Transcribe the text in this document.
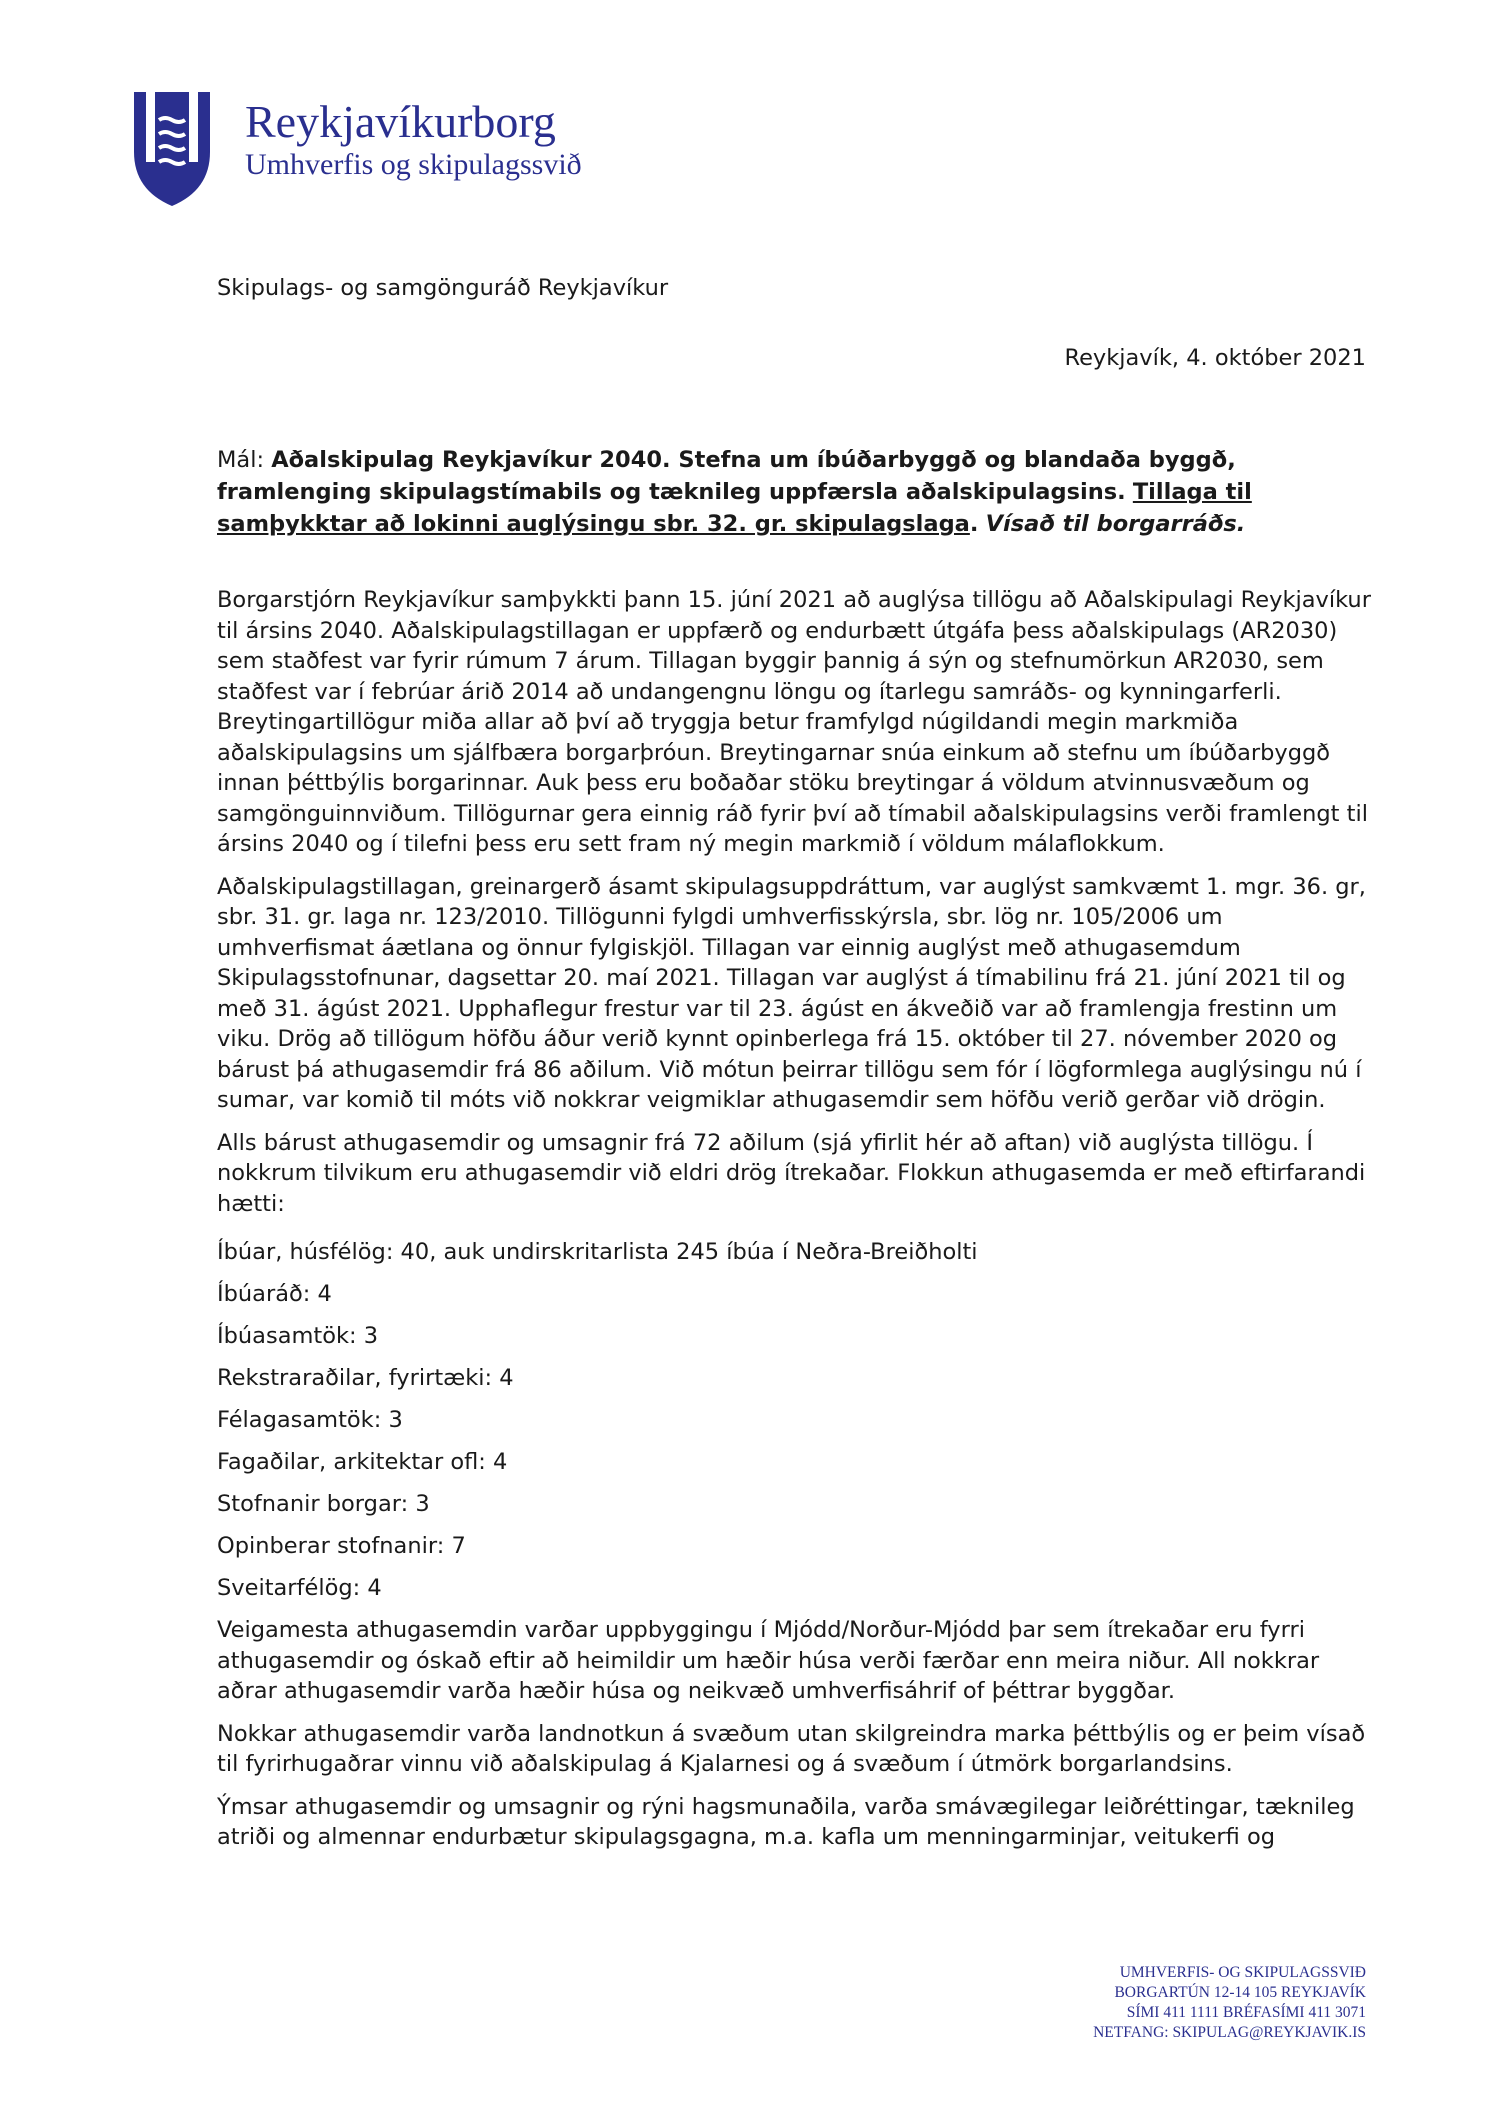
Reykjavíkurborg

Umhverfis og skipulagssvið

Skipulags- og samgönguráð Reykjavíkur
Reykjavík, 4. október 2021
Mál: Aðalskipulag Reykjavíkur 2040. Stefna um íbúðarbyggð og blandaða byggð, framlenging skipulagstímabils og tæknileg uppfærsla aðalskipulagsins. Tillaga til samþykktar að lokinni auglýsingu sbr. 32. gr. skipulagslaga. Vísað til borgarráðs.

Borgarstjórn Reykjavíkur samþykkti þann 15. júní 2021 að auglýsa tillögu að Aðalskipulagi Reykjavíkur til ársins 2040. Aðalskipulagstillagan er uppfærð og endurbætt útgáfa þess aðalskipulags (AR2030) sem staðfest var fyrir rúmum 7 árum. Tillagan byggir þannig á sýn og stefnumörkun AR2030, sem staðfest var í febrúar árið 2014 að undangengnu löngu og ítarlegu samráðs- og kynningarferli. Breytingartillögur miða allar að því að tryggja betur framfylgd núgildandi megin markmiða aðalskipulagsins um sjálfbæra borgarþróun. Breytingarnar snúa einkum að stefnu um íbúðarbyggð innan þéttbýlis borgarinnar. Auk þess eru boðaðar stöku breytingar á völdum atvinnusvæðum og samgönguinnviðum. Tillögurnar gera einnig ráð fyrir því að tímabil aðalskipulagsins verði framlengt til ársins 2040 og í tilefni þess eru sett fram ný megin markmið í völdum málaflokkum.

Aðalskipulagstillagan, greinargerð ásamt skipulagsuppdráttum, var auglýst samkvæmt 1. mgr. 36. gr, sbr. 31. gr. laga nr. 123/2010. Tillögunni fylgdi umhverfisskýrsla, sbr. lög nr. 105/2006 um umhverfismat áætlana og önnur fylgiskjöl. Tillagan var einnig auglýst með athugasemdum Skipulagsstofnunar, dagsettar 20. maí 2021. Tillagan var auglýst á tímabilinu frá 21. júní 2021 til og með 31. ágúst 2021. Upphaflegur frestur var til 23. ágúst en ákveðið var að framlengja frestinn um viku. Drög að tillögum höfðu áður verið kynnt opinberlega frá 15. október til 27. nóvember 2020 og bárust þá athugasemdir frá 86 aðilum. Við mótun þeirrar tillögu sem fór í lögformlega auglýsingu nú í sumar, var komið til móts við nokkrar veigmiklar athugasemdir sem höfðu verið gerðar við drögin.

Alls bárust athugasemdir og umsagnir frá 72 aðilum (sjá yfirlit hér að aftan) við auglýsta tillögu. Í nokkrum tilvikum eru athugasemdir við eldri drög ítrekaðar. Flokkun athugasemda er með eftirfarandi hætti:

Íbúar, húsfélög: 40, auk undirskritarlista 245 íbúa í Neðra-Breiðholti

Íbúaráð: 4

Íbúasamtök: 3

Rekstraraðilar, fyrirtæki: 4

Félagasamtök: 3

Fagaðilar, arkitektar ofl: 4

Stofnanir borgar: 3

Opinberar stofnanir: 7

Sveitarfélög: 4

Veigamesta athugasemdin varðar uppbyggingu í Mjódd/Norður-Mjódd þar sem ítrekaðar eru fyrri athugasemdir og óskað eftir að heimildir um hæðir húsa verði færðar enn meira niður. All nokkrar aðrar athugasemdir varða hæðir húsa og neikvæð umhverfisáhrif of þéttrar byggðar.

Nokkar athugasemdir varða landnotkun á svæðum utan skilgreindra marka þéttbýlis og er þeim vísað til fyrirhugaðrar vinnu við aðalskipulag á Kjalarnesi og á svæðum í útmörk borgarlandsins.

Ýmsar athugasemdir og umsagnir og rýni hagsmunaðila, varða smávægilegar leiðréttingar, tæknileg atriði og almennar endurbætur skipulagsgagna, m.a. kafla um menningarminjar, veitukerfi og

UMHVERFIS- OG SKIPULAGSSVIÐ
BORGARTÚN 12-14 105 REYKJAVÍK
SÍMI 411 1111 BRÉFASÍMI 411 3071
NETFANG: SKIPULAG@REYKJAVIK.IS
